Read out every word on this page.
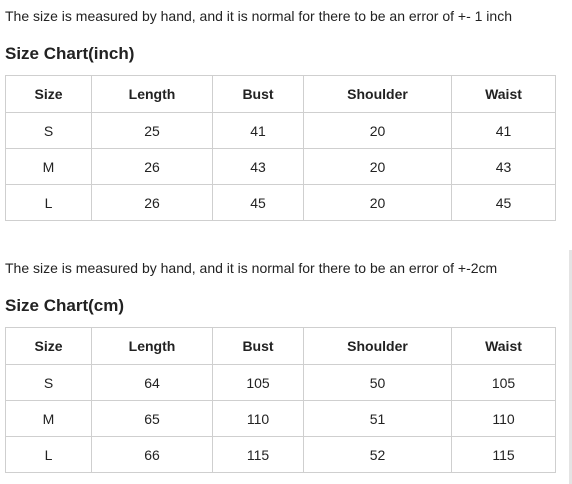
The size is measured by hand, and it is normal for there to be an error of +- 1 inch
Size Chart(inch)
Size	Length	Bust	Shoulder	Waist
S	25	41	20	41
M	26	43	20	43
L	26	45	20	45
The size is measured by hand, and it is normal for there to be an error of +-2cm
Size Chart(cm)
Size	Length	Bust	Shoulder	Waist
S	64	105	50	105
M	65	110	51	110
L	66	115	52	115
